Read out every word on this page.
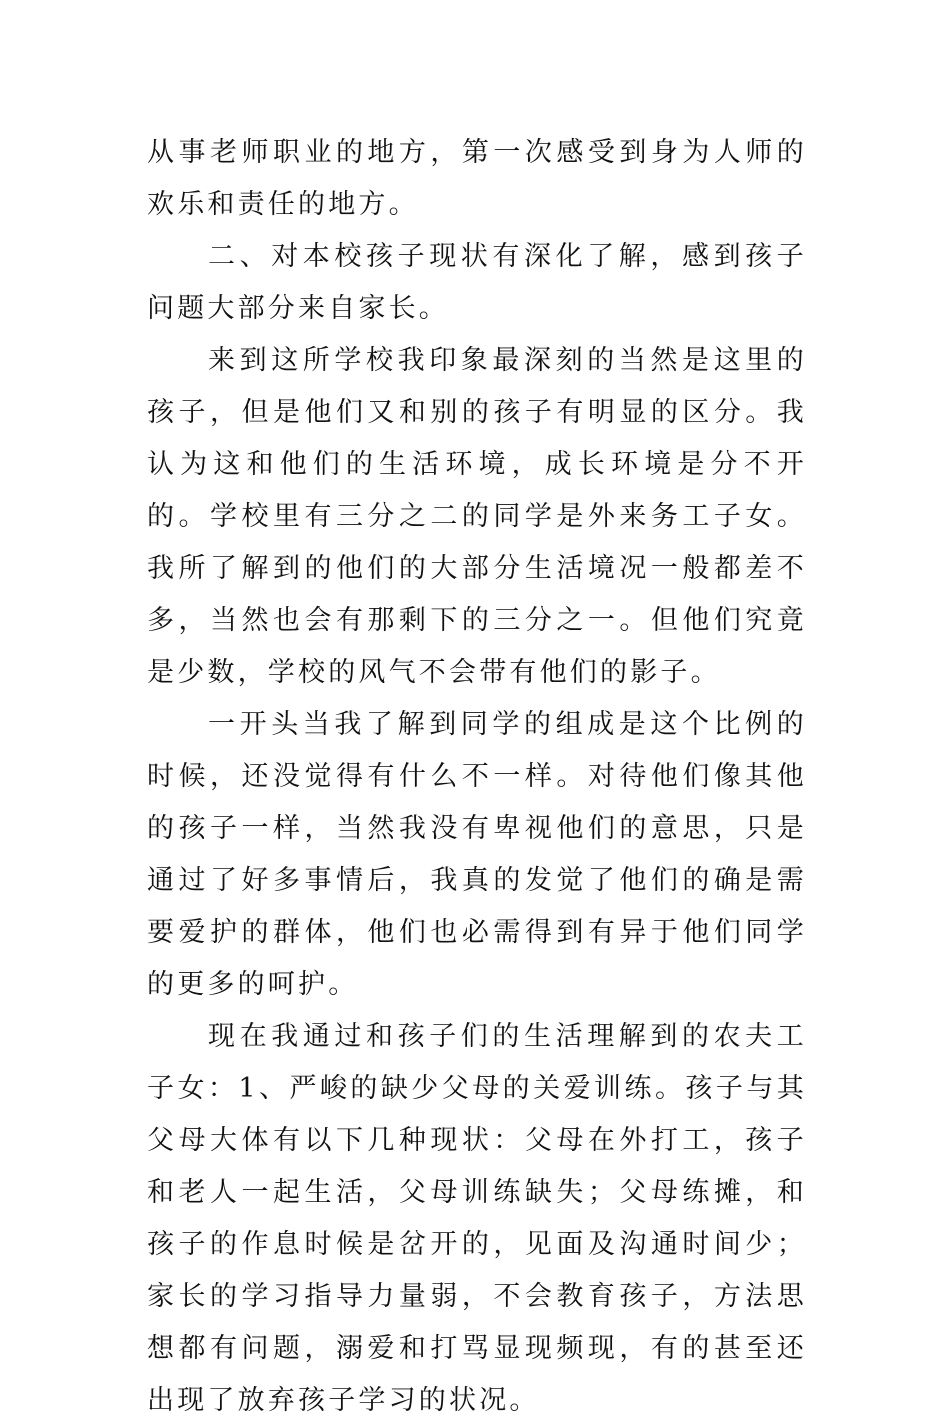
从事老师职业的地方，第一次感受到身为人师的欢乐和责任的地方。

二、对本校孩子现状有深化了解，感到孩子问题大部分来自家长。

来到这所学校我印象最深刻的当然是这里的孩子，但是他们又和别的孩子有明显的区分。我认为这和他们的生活环境，成长环境是分不开的。学校里有三分之二的同学是外来务工子女。我所了解到的他们的大部分生活境况一般都差不多，当然也会有那剩下的三分之一。但他们究竟是少数，学校的风气不会带有他们的影子。

一开头当我了解到同学的组成是这个比例的时候，还没觉得有什么不一样。对待他们像其他的孩子一样，当然我没有卑视他们的意思，只是通过了好多事情后，我真的发觉了他们的确是需要爱护的群体，他们也必需得到有异于他们同学的更多的呵护。

现在我通过和孩子们的生活理解到的农夫工子女：1、严峻的缺少父母的关爱训练。孩子与其父母大体有以下几种现状：父母在外打工，孩子和老人一起生活，父母训练缺失；父母练摊，和孩子的作息时候是岔开的，见面及沟通时间少；家长的学习指导力量弱，不会教育孩子，方法思想都有问题，溺爱和打骂显现频现，有的甚至还出现了放弃孩子学习的状况。
